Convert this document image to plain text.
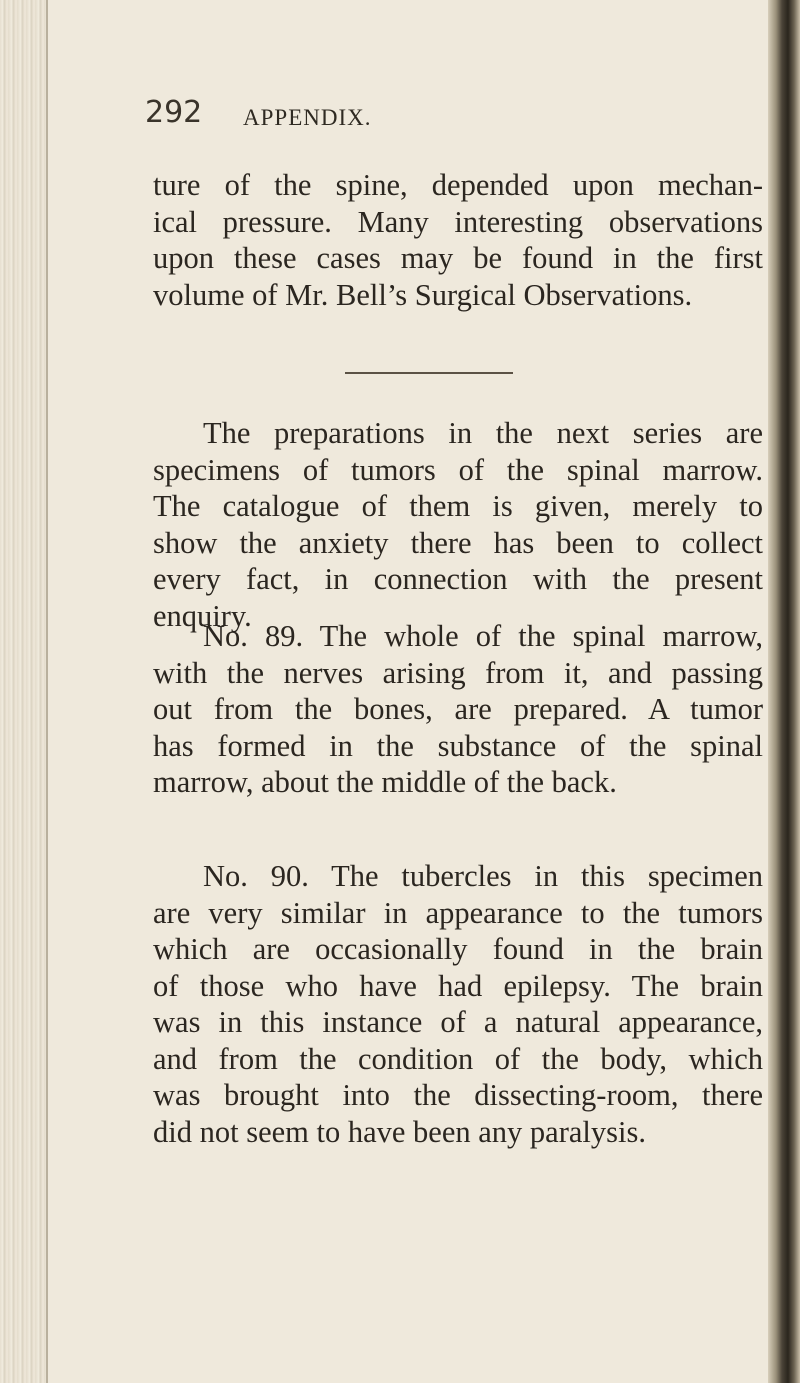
292 APPENDIX.
ture of the spine, depended upon mechan-
ical pressure. Many interesting observations
upon these cases may be found in the first
volume of Mr. Bell’s Surgical Observations.
The preparations in the next series are
specimens of tumors of the spinal marrow.
The catalogue of them is given, merely to
show the anxiety there has been to collect
every fact, in connection with the present
enquiry.
No. 89. The whole of the spinal marrow,
with the nerves arising from it, and passing
out from the bones, are prepared. A tumor
has formed in the substance of the spinal
marrow, about the middle of the back.
No. 90. The tubercles in this specimen
are very similar in appearance to the tumors
which are occasionally found in the brain
of those who have had epilepsy. The brain
was in this instance of a natural appearance,
and from the condition of the body, which
was brought into the dissecting-room, there
did not seem to have been any paralysis.
